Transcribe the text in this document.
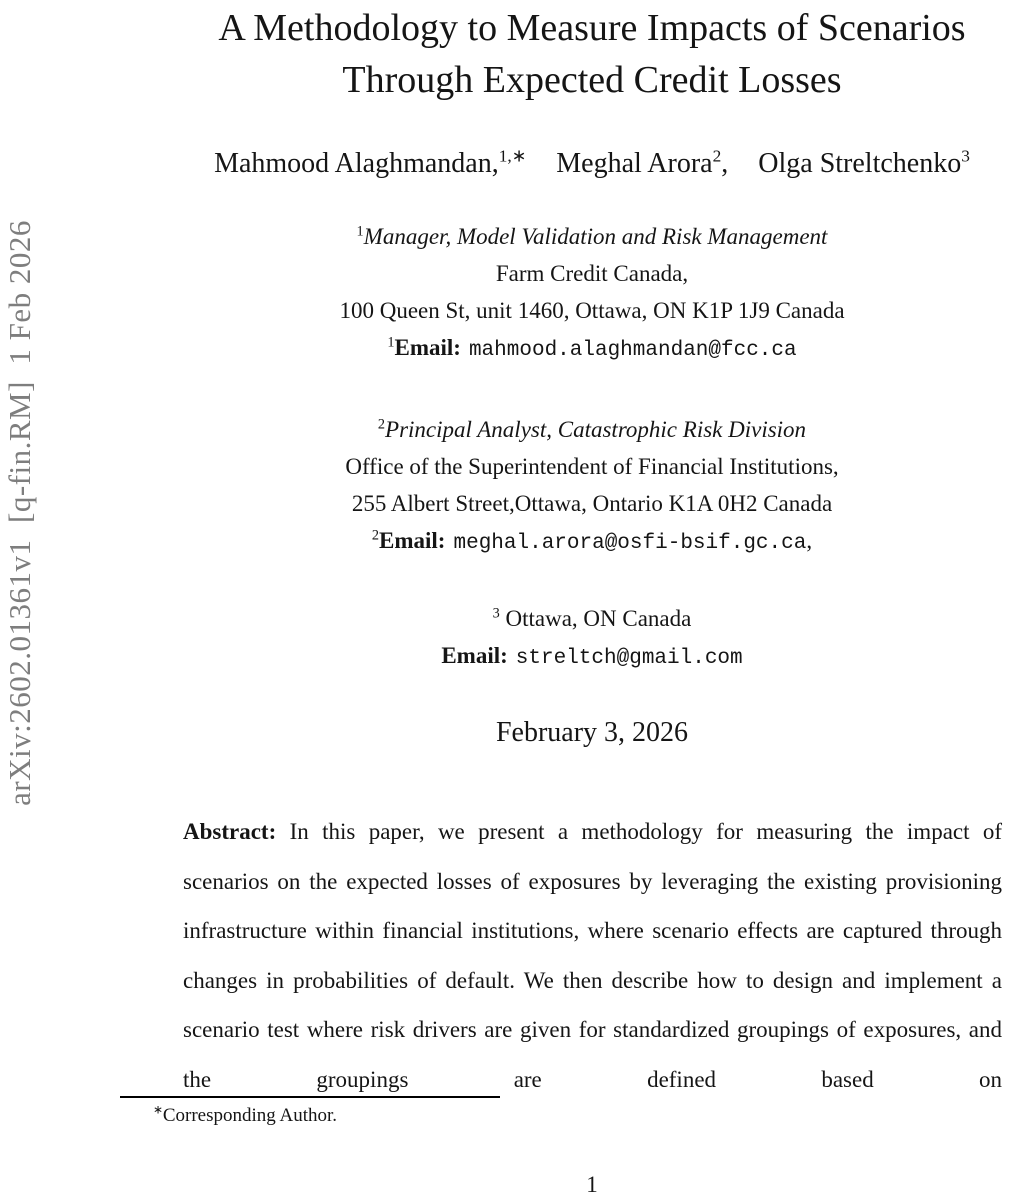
arXiv:2602.01361v1  [q-fin.RM]  1 Feb 2026
A Methodology to Measure Impacts of Scenarios
Through Expected Credit Losses
Mahmood Alaghmandan,$^{1,∗}$ Meghal Arora$^2$, Olga Streltchenko$^3$
$^1$Manager, Model Validation and Risk Management
Farm Credit Canada,
100 Queen St, unit 1460, Ottawa, ON K1P 1J9 Canada
$^1$Email: mahmood.alaghmandan@fcc.ca
$^2$Principal Analyst, Catastrophic Risk Division
Office of the Superintendent of Financial Institutions,
255 Albert Street,Ottawa, Ontario K1A 0H2 Canada
$^2$Email: meghal.arora@osfi-bsif.gc.ca,
$^3$ Ottawa, ON Canada
Email: streltch@gmail.com
February 3, 2026

Abstract: In this paper, we present a methodology for measuring the impact of scenarios on the expected losses of exposures by leveraging the existing provisioning infrastructure within financial institutions, where scenario effects are captured through changes in probabilities of default. We then describe how to design and implement a scenario test where risk drivers are given for standardized groupings of exposures, and the groupings are defined based on

∗Corresponding Author.
1
